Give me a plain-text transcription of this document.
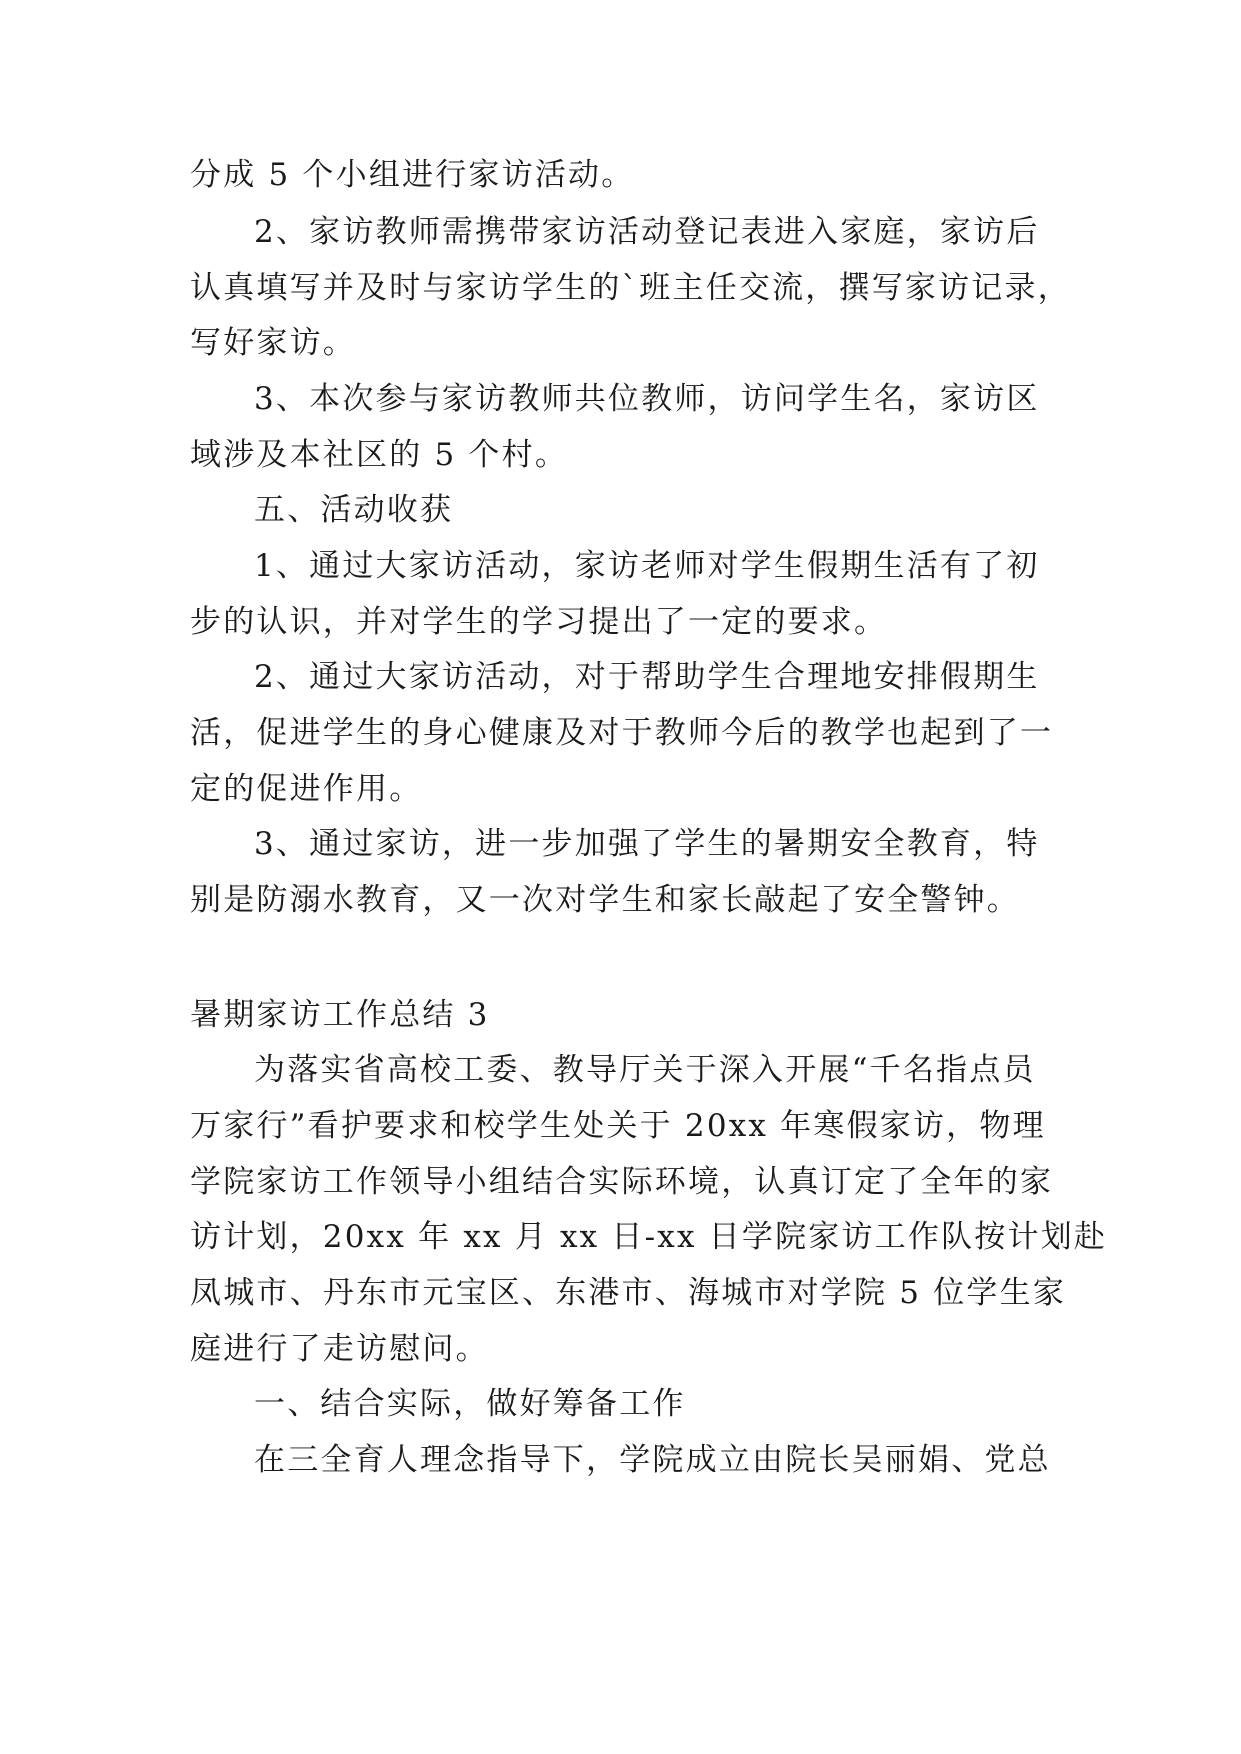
分成 5 个小组进行家访活动。
2、家访教师需携带家访活动登记表进入家庭，家访后
认真填写并及时与家访学生的`班主任交流，撰写家访记录，
写好家访。
3、本次参与家访教师共位教师，访问学生名，家访区
域涉及本社区的 5 个村。
五、活动收获
1、通过大家访活动，家访老师对学生假期生活有了初
步的认识，并对学生的学习提出了一定的要求。
2、通过大家访活动，对于帮助学生合理地安排假期生
活，促进学生的身心健康及对于教师今后的教学也起到了一
定的促进作用。
3、通过家访，进一步加强了学生的暑期安全教育，特
别是防溺水教育，又一次对学生和家长敲起了安全警钟。
暑期家访工作总结 3
为落实省高校工委、教导厅关于深入开展“千名指点员
万家行”看护要求和校学生处关于 20xx 年寒假家访，物理
学院家访工作领导小组结合实际环境，认真订定了全年的家
访计划，20xx 年 xx 月 xx 日-xx 日学院家访工作队按计划赴
凤城市、丹东市元宝区、东港市、海城市对学院 5 位学生家
庭进行了走访慰问。
一、结合实际，做好筹备工作
在三全育人理念指导下，学院成立由院长吴丽娟、党总
